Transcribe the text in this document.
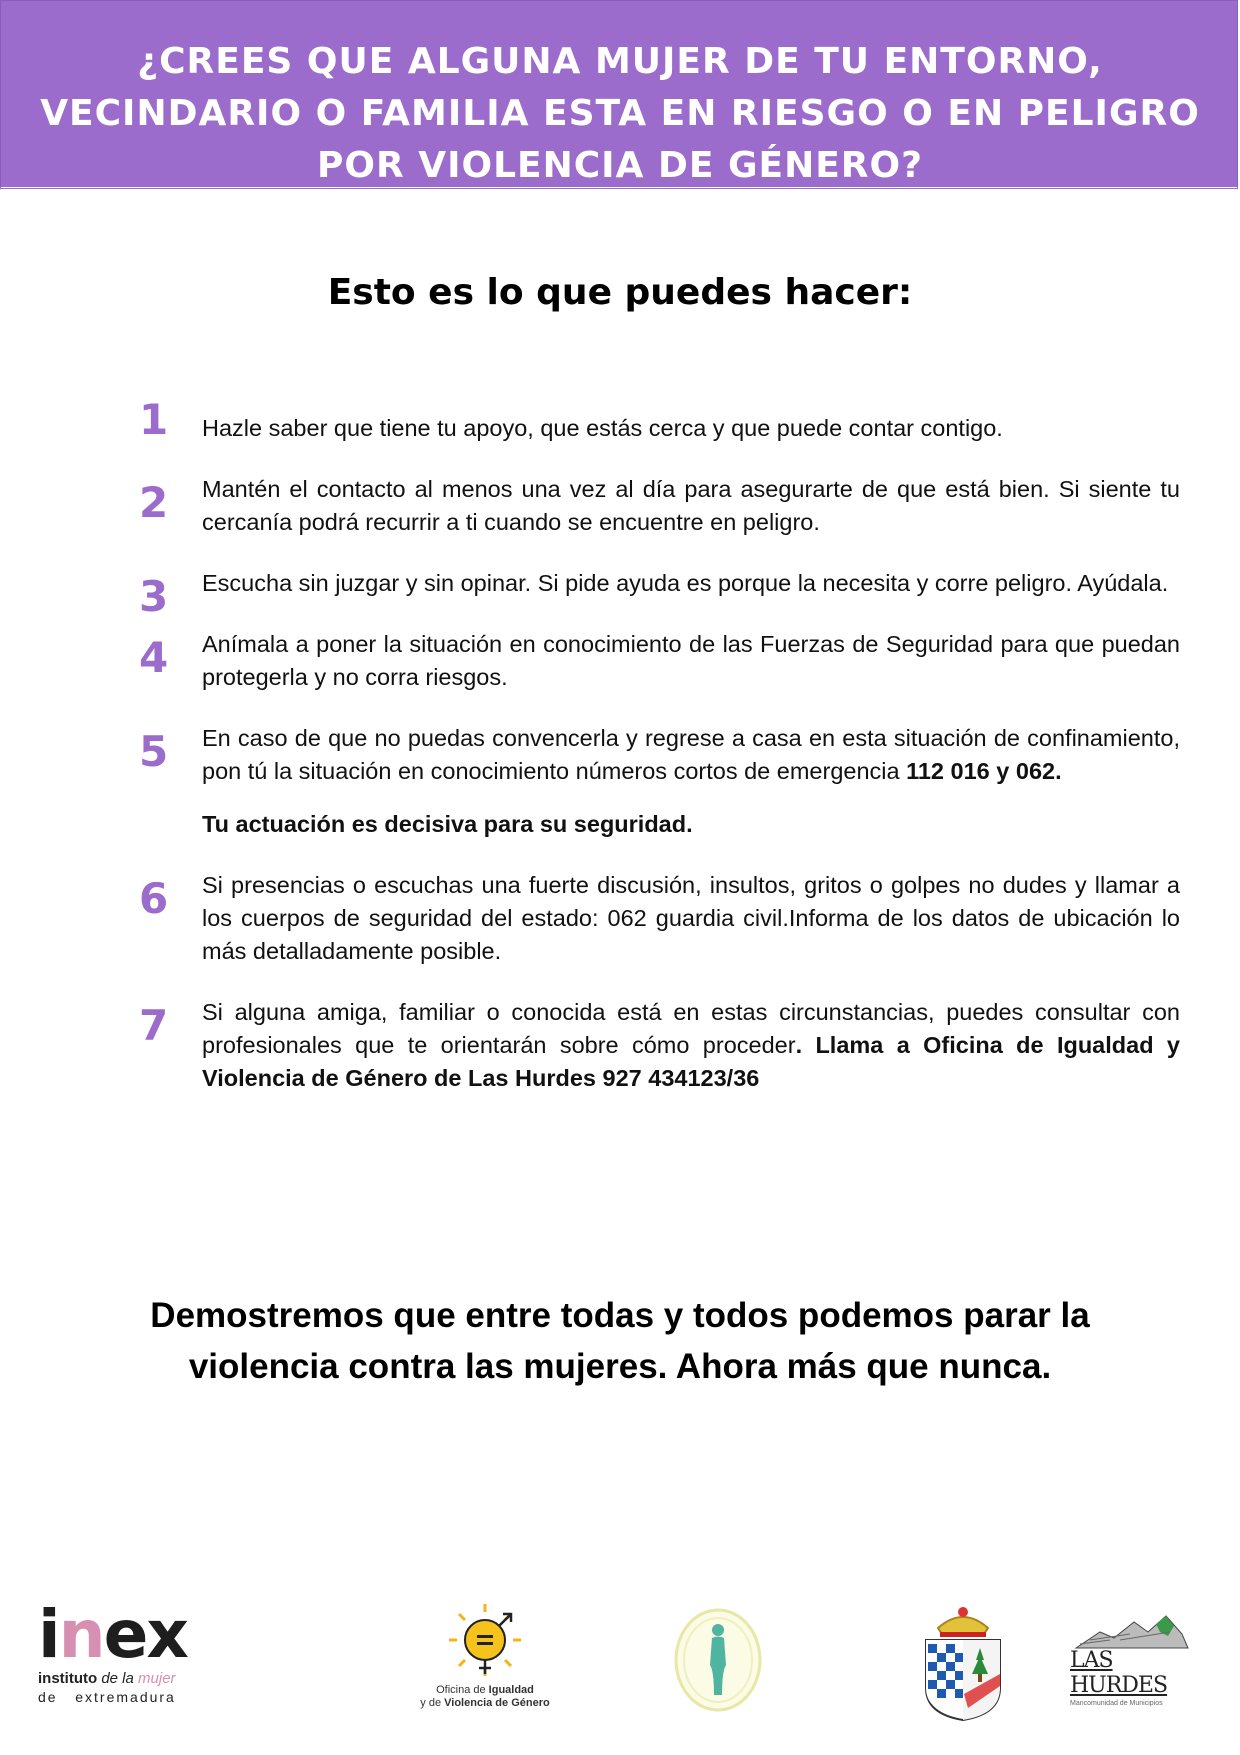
¿CREES QUE ALGUNA MUJER DE TU ENTORNO,
VECINDARIO O FAMILIA ESTA EN RIESGO O EN PELIGRO
POR VIOLENCIA DE GÉNERO?
Esto es lo que puedes hacer:
1 Hazle saber que tiene tu apoyo, que estás cerca y que puede contar contigo.
2 Mantén el contacto al menos una vez al día para asegurarte de que está bien. Si siente tu cercanía podrá recurrir a ti cuando se encuentre en peligro.
3 Escucha sin juzgar y sin opinar. Si pide ayuda es porque la necesita y corre peligro. Ayúdala.
4 Anímala a poner la situación en conocimiento de las Fuerzas de Seguridad para que puedan protegerla y no corra riesgos.
5 En caso de que no puedas convencerla y regrese a casa en esta situación de confinamiento, pon tú la situación en conocimiento números cortos de emergencia 112 016 y 062.
Tu actuación es decisiva para su seguridad.
6 Si presencias o escuchas una fuerte discusión, insultos, gritos o golpes no dudes y llamar a los cuerpos de seguridad del estado: 062 guardia civil.Informa de los datos de ubicación lo más detalladamente posible.
7 Si alguna amiga, familiar o conocida está en estas circunstancias, puedes consultar con profesionales que te orientarán sobre cómo proceder. Llama a Oficina de Igualdad y Violencia de Género de Las Hurdes 927 434123/36
Demostremos que entre todas y todos podemos parar la
violencia contra las mujeres. Ahora más que nunca.
inex
instituto de la mujer
de extremadura	Oficina de Igualdad
y de Violencia de Género
LAS HURDES
Mancomunidad de Municipios
